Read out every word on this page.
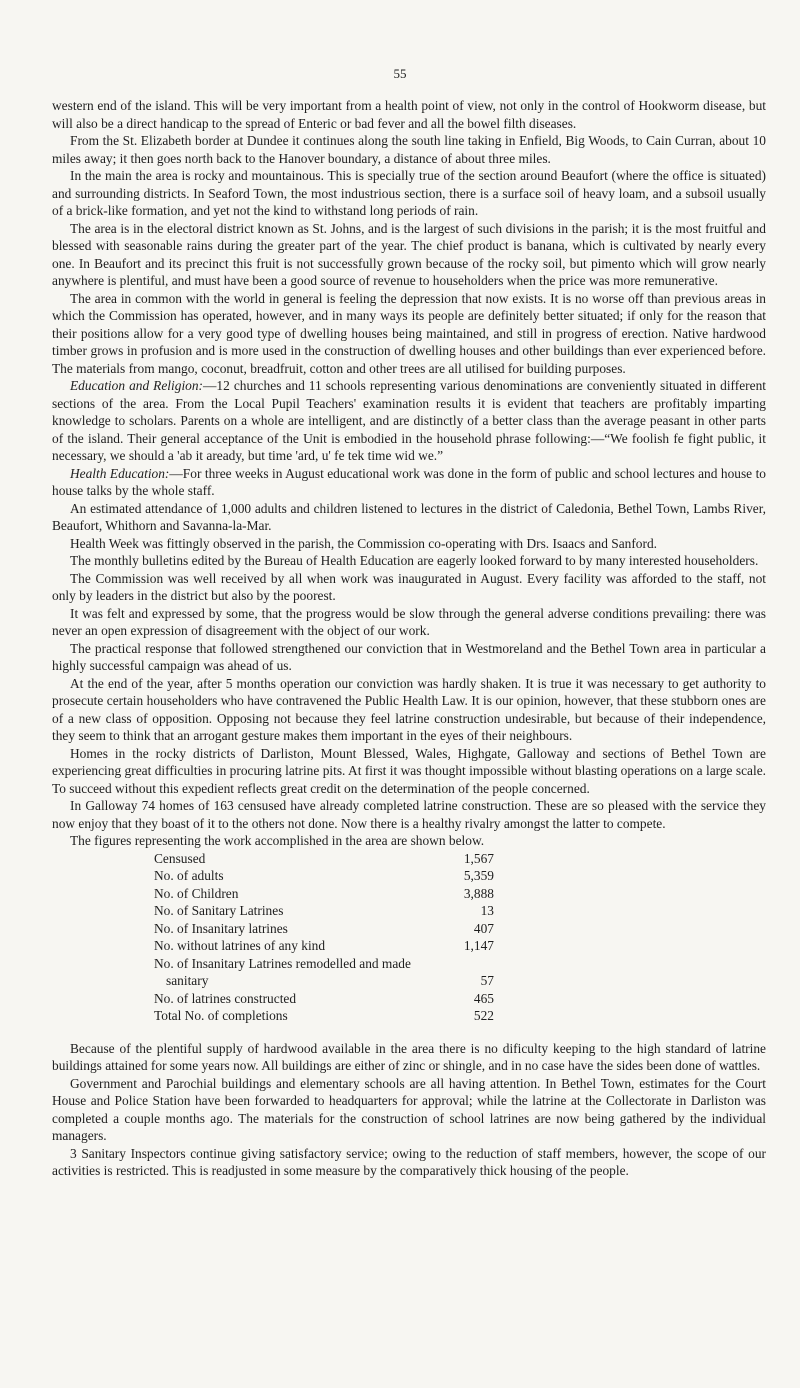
55

western end of the island. This will be very important from a health point of view, not only in the control of Hookworm disease, but will also be a direct handicap to the spread of Enteric or bad fever and all the bowel filth diseases.

From the St. Elizabeth border at Dundee it continues along the south line taking in Enfield, Big Woods, to Cain Curran, about 10 miles away; it then goes north back to the Hanover boundary, a distance of about three miles.

In the main the area is rocky and mountainous. This is specially true of the section around Beaufort (where the office is situated) and surrounding districts. In Seaford Town, the most industrious section, there is a surface soil of heavy loam, and a subsoil usually of a brick-like formation, and yet not the kind to withstand long periods of rain.

The area is in the electoral district known as St. Johns, and is the largest of such divisions in the parish; it is the most fruitful and blessed with seasonable rains during the greater part of the year. The chief product is banana, which is cultivated by nearly every one. In Beaufort and its precinct this fruit is not successfully grown because of the rocky soil, but pimento which will grow nearly anywhere is plentiful, and must have been a good source of revenue to householders when the price was more remunerative.

The area in common with the world in general is feeling the depression that now exists. It is no worse off than previous areas in which the Commission has operated, however, and in many ways its people are definitely better situated; if only for the reason that their positions allow for a very good type of dwelling houses being maintained, and still in progress of erection. Native hardwood timber grows in profusion and is more used in the construction of dwelling houses and other buildings than ever experienced before. The materials from mango, coconut, breadfruit, cotton and other trees are all utilised for building purposes.

Education and Religion:—12 churches and 11 schools representing various denominations are conveniently situated in different sections of the area. From the Local Pupil Teachers' examination results it is evident that teachers are profitably imparting knowledge to scholars. Parents on a whole are intelligent, and are distinctly of a better class than the average peasant in other parts of the island. Their general acceptance of the Unit is embodied in the household phrase following:—“We foolish fe fight public, it necessary, we should a 'ab it aready, but time 'ard, u' fe tek time wid we.”

Health Education:—For three weeks in August educational work was done in the form of public and school lectures and house to house talks by the whole staff.

An estimated attendance of 1,000 adults and children listened to lectures in the district of Caledonia, Bethel Town, Lambs River, Beaufort, Whithorn and Savanna-la-Mar.

Health Week was fittingly observed in the parish, the Commission co-operating with Drs. Isaacs and Sanford.

The monthly bulletins edited by the Bureau of Health Education are eagerly looked forward to by many interested householders.

The Commission was well received by all when work was inaugurated in August. Every facility was afforded to the staff, not only by leaders in the district but also by the poorest.

It was felt and expressed by some, that the progress would be slow through the general adverse conditions prevailing: there was never an open expression of disagreement with the object of our work.

The practical response that followed strengthened our conviction that in Westmoreland and the Bethel Town area in particular a highly successful campaign was ahead of us.

At the end of the year, after 5 months operation our conviction was hardly shaken. It is true it was necessary to get authority to prosecute certain householders who have contravened the Public Health Law. It is our opinion, however, that these stubborn ones are of a new class of opposition. Opposing not because they feel latrine construction undesirable, but because of their independence, they seem to think that an arrogant gesture makes them important in the eyes of their neighbours.

Homes in the rocky districts of Darliston, Mount Blessed, Wales, Highgate, Galloway and sections of Bethel Town are experiencing great difficulties in procuring latrine pits. At first it was thought impossible without blasting operations on a large scale. To succeed without this expedient reflects great credit on the determination of the people concerned.

In Galloway 74 homes of 163 censused have already completed latrine construction. These are so pleased with the service they now enjoy that they boast of it to the others not done. Now there is a healthy rivalry amongst the latter to compete.

The figures representing the work accomplished in the area are shown below.

Censused	1,567
No. of adults	5,359
No. of Children	3,888
No. of Sanitary Latrines	13
No. of Insanitary latrines	407
No. without latrines of any kind	1,147
No. of Insanitary Latrines remodelled and made	
sanitary	57
No. of latrines constructed	465
Total No. of completions	522

Because of the plentiful supply of hardwood available in the area there is no dificulty keeping to the high standard of latrine buildings attained for some years now. All buildings are either of zinc or shingle, and in no case have the sides been done of wattles.

Government and Parochial buildings and elementary schools are all having attention. In Bethel Town, estimates for the Court House and Police Station have been forwarded to headquarters for approval; while the latrine at the Collectorate in Darliston was completed a couple months ago. The materials for the construction of school latrines are now being gathered by the individual managers.

3 Sanitary Inspectors continue giving satisfactory service; owing to the reduction of staff members, however, the scope of our activities is restricted. This is readjusted in some measure by the comparatively thick housing of the people.
